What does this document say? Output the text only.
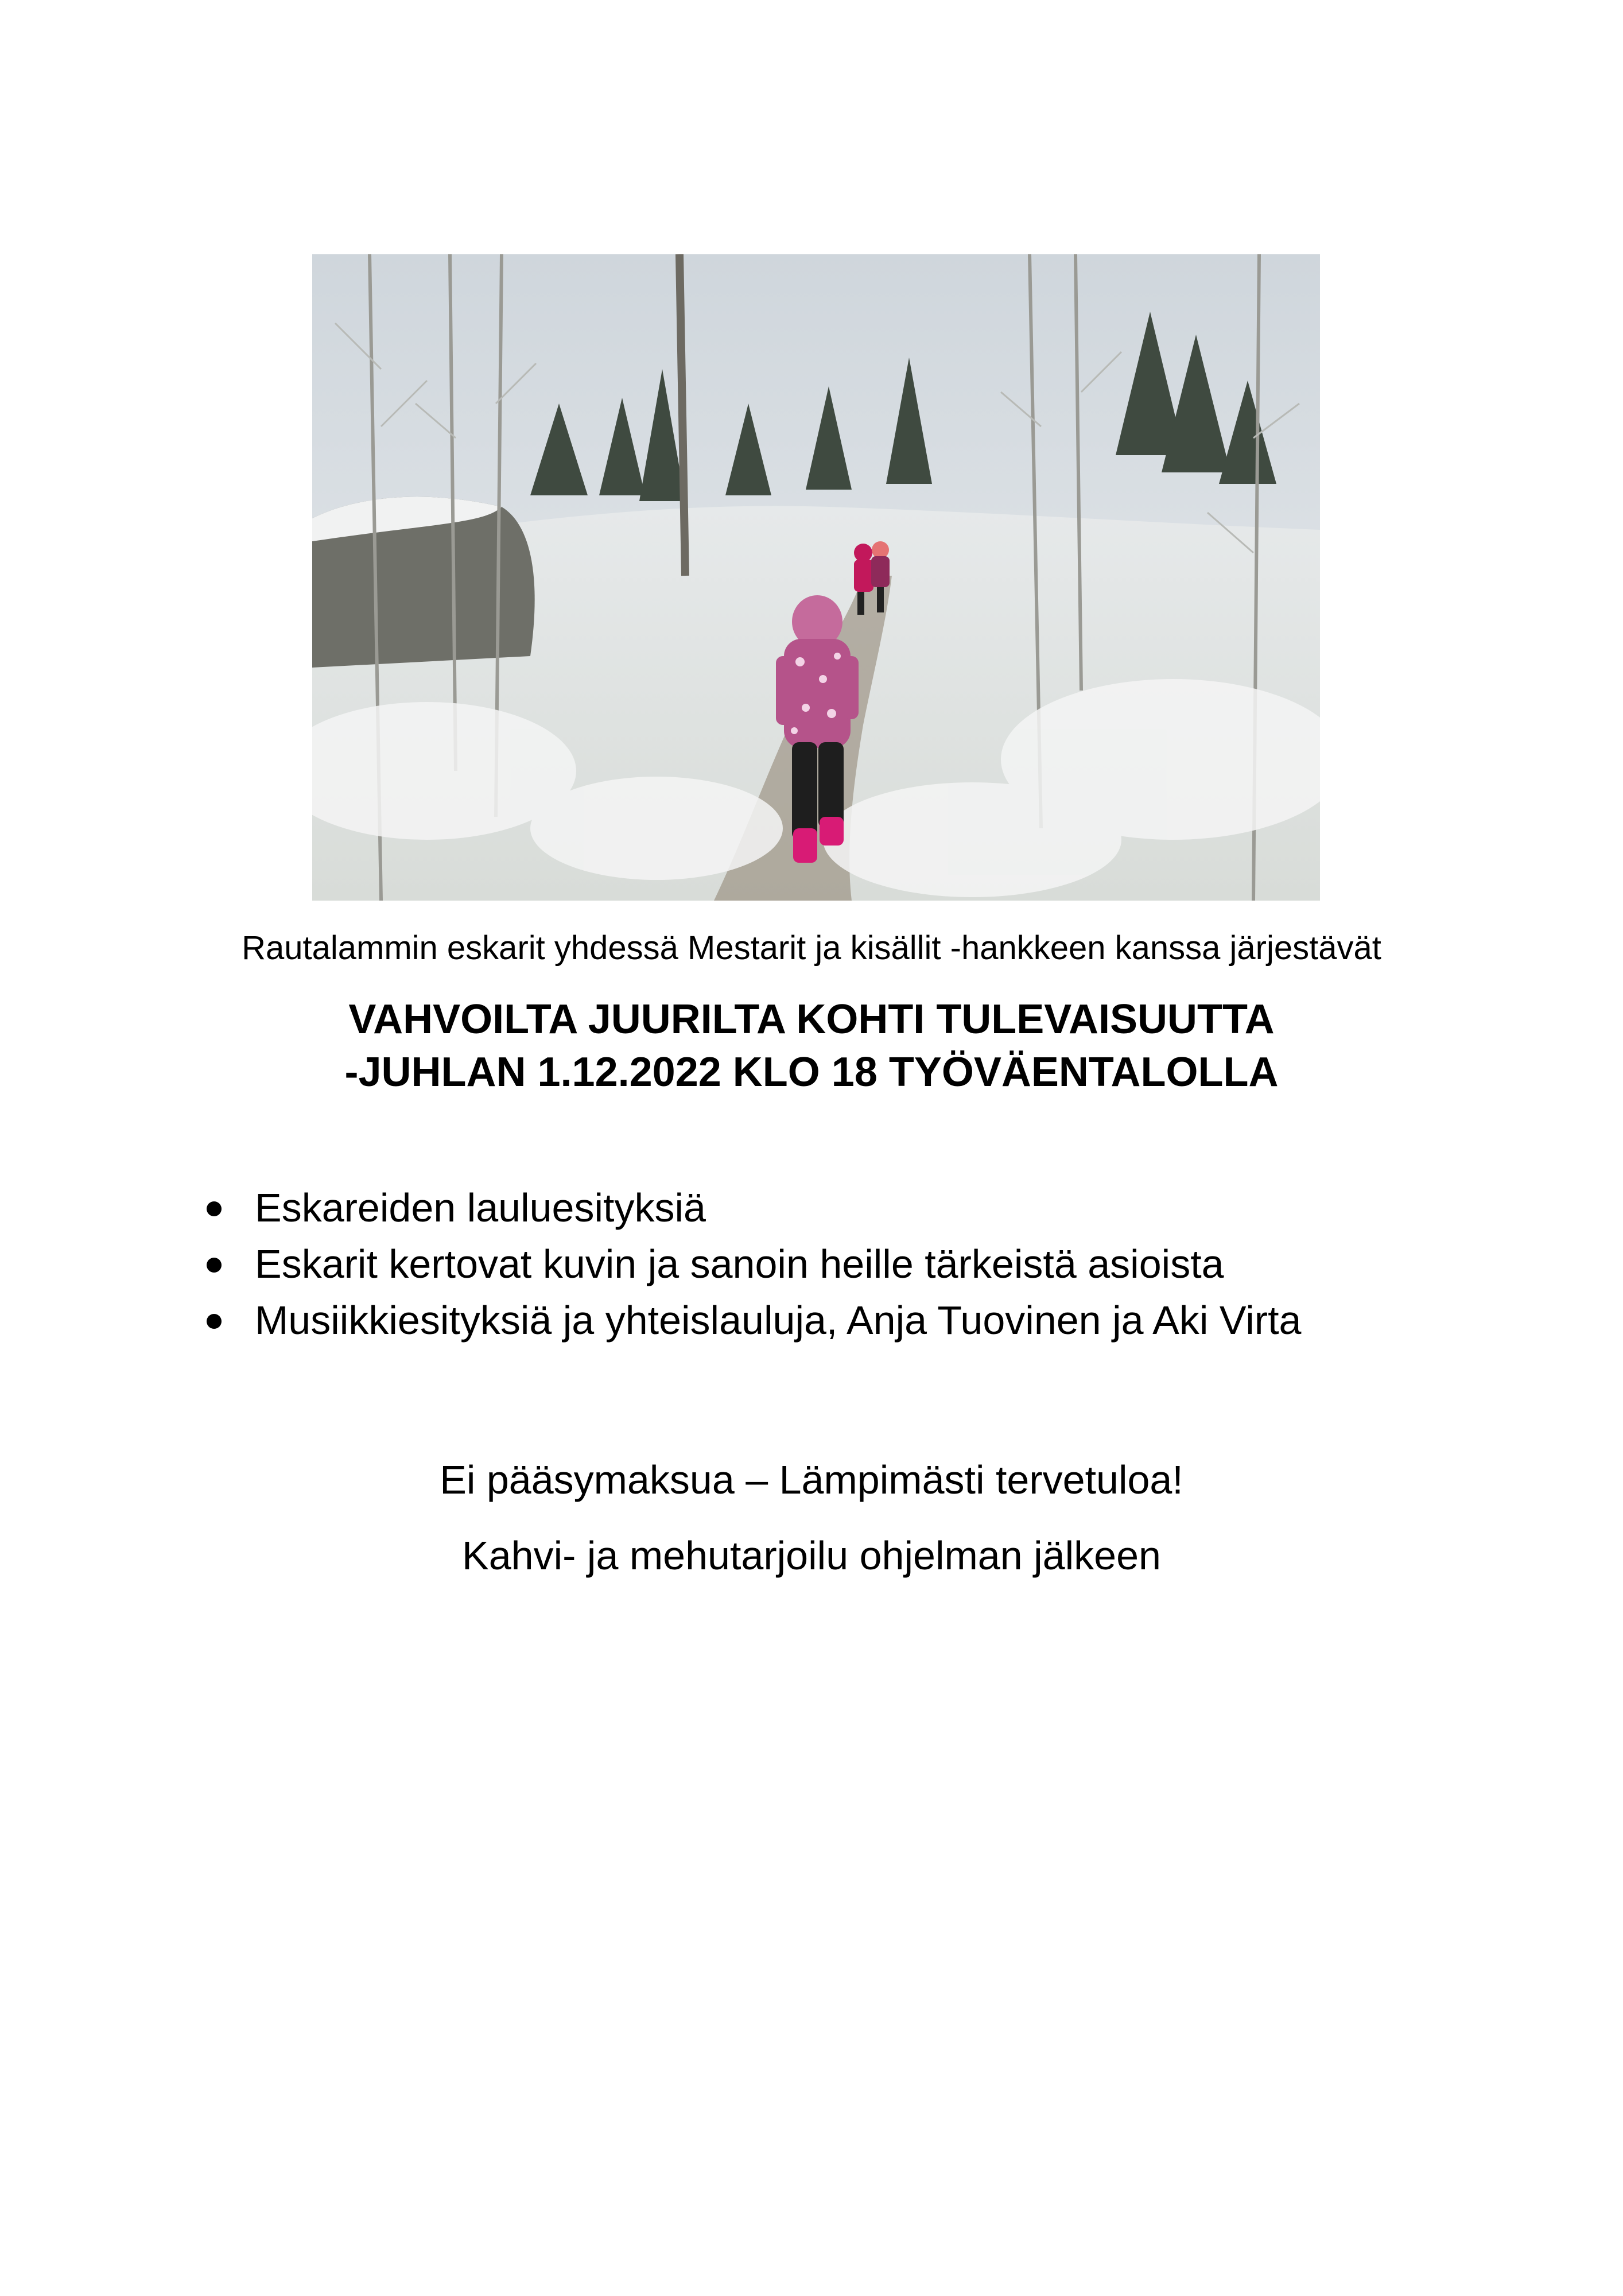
Rautalammin eskarit yhdessä Mestarit ja kisällit -hankkeen kanssa järjestävät
VAHVOILTA JUURILTA KOHTI TULEVAISUUTTA
-JUHLAN 1.12.2022 KLO 18 TYÖVÄENTALOLLA
Eskareiden lauluesityksiä
Eskarit kertovat kuvin ja sanoin heille tärkeistä asioista
Musiikkiesityksiä ja yhteislauluja, Anja Tuovinen ja Aki Virta
Ei pääsymaksua – Lämpimästi tervetuloa!
Kahvi- ja mehutarjoilu ohjelman jälkeen
